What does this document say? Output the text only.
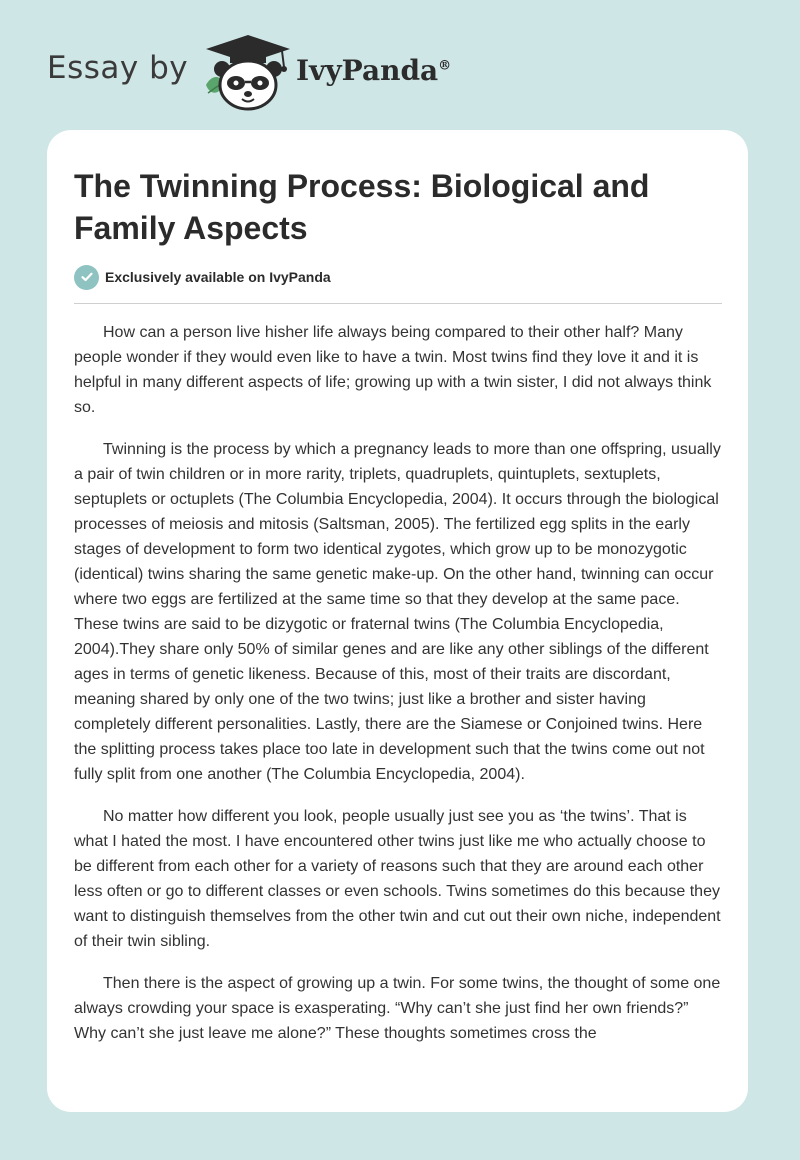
Essay by	IvyPanda®
The Twinning Process: Biological and Family Aspects
Exclusively available on IvyPanda

How can a person live hisher life always being compared to their other half? Many people wonder if they would even like to have a twin. Most twins find they love it and it is helpful in many different aspects of life; growing up with a twin sister, I did not always think so.

Twinning is the process by which a pregnancy leads to more than one offspring, usually a pair of twin children or in more rarity, triplets, quadruplets, quintuplets, sextuplets, septuplets or octuplets (The Columbia Encyclopedia, 2004). It occurs through the biological processes of meiosis and mitosis (Saltsman, 2005). The fertilized egg splits in the early stages of development to form two identical zygotes, which grow up to be monozygotic (identical) twins sharing the same genetic make-up. On the other hand, twinning can occur where two eggs are fertilized at the same time so that they develop at the same pace. These twins are said to be dizygotic or fraternal twins (The Columbia Encyclopedia, 2004).They share only 50% of similar genes and are like any other siblings of the different ages in terms of genetic likeness. Because of this, most of their traits are discordant, meaning shared by only one of the two twins; just like a brother and sister having completely different personalities. Lastly, there are the Siamese or Conjoined twins. Here the splitting process takes place too late in development such that the twins come out not fully split from one another (The Columbia Encyclopedia, 2004).

No matter how different you look, people usually just see you as ‘the twins’. That is what I hated the most. I have encountered other twins just like me who actually choose to be different from each other for a variety of reasons such that they are around each other less often or go to different classes or even schools. Twins sometimes do this because they want to distinguish themselves from the other twin and cut out their own niche, independent of their twin sibling.

Then there is the aspect of growing up a twin. For some twins, the thought of some one always crowding your space is exasperating. “Why can’t she just find her own friends?” Why can’t she just leave me alone?” These thoughts sometimes cross the
